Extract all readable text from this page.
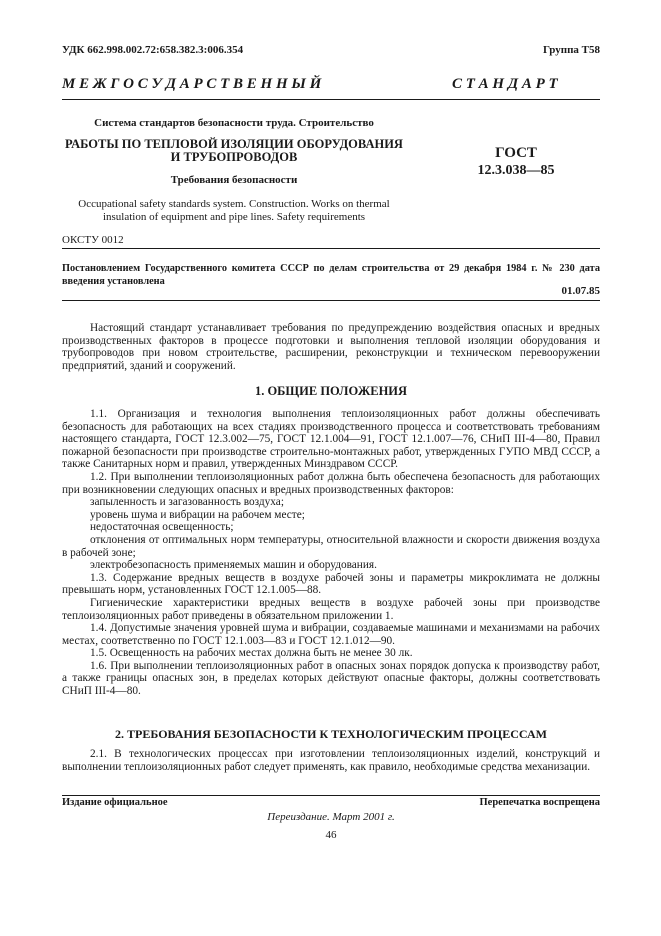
УДК 662.998.002.72:658.382.3:006.354	Группа Т58
М Е Ж Г О С У Д А Р С Т В Е Н Н Ы Й	С Т А Н Д А Р Т
Система стандартов безопасности труда. Строительство
РАБОТЫ ПО ТЕПЛОВОЙ ИЗОЛЯЦИИ ОБОРУДОВАНИЯ
И ТРУБОПРОВОДОВ
Требования безопасности
Occupational safety standards system. Construction. Works on thermal
insulation of equipment and pipe lines. Safety requirements
ГОСТ
12.3.038—85
ОКСТУ 0012
Постановлением Государственного комитета СССР по делам строительства от 29 декабря 1984 г. № 230 дата введения установлена
01.07.85

Настоящий стандарт устанавливает требования по предупреждению воздействия опасных и вредных производственных факторов в процессе подготовки и выполнения тепловой изоляции оборудования и трубопроводов при новом строительстве, расширении, реконструкции и техническом перевооружении предприятий, зданий и сооружений.

1. ОБЩИЕ ПОЛОЖЕНИЯ

1.1. Организация и технология выполнения теплоизоляционных работ должны обеспечивать безопасность для работающих на всех стадиях производственного процесса и соответствовать требованиям настоящего стандарта, ГОСТ 12.3.002—75, ГОСТ 12.1.004—91, ГОСТ 12.1.007—76, СНиП III-4—80, Правил пожарной безопасности при производстве строительно-монтажных работ, утвержденных ГУПО МВД СССР, а также Санитарных норм и правил, утвержденных Минздравом СССР.

1.2. При выполнении теплоизоляционных работ должна быть обеспечена безопасность для работающих при возникновении следующих опасных и вредных производственных факторов:

запыленность и загазованность воздуха;

уровень шума и вибрации на рабочем месте;

недостаточная освещенность;

отклонения от оптимальных норм температуры, относительной влажности и скорости движения воздуха в рабочей зоне;

электробезопасность применяемых машин и оборудования.

1.3. Содержание вредных веществ в воздухе рабочей зоны и параметры микроклимата не должны превышать норм, установленных ГОСТ 12.1.005—88.

Гигиенические характеристики вредных веществ в воздухе рабочей зоны при производстве теплоизоляционных работ приведены в обязательном приложении 1.

1.4. Допустимые значения уровней шума и вибрации, создаваемые машинами и механизмами на рабочих местах, соответственно по ГОСТ 12.1.003—83 и ГОСТ 12.1.012—90.

1.5. Освещенность на рабочих местах должна быть не менее 30 лк.

1.6. При выполнении теплоизоляционных работ в опасных зонах порядок допуска к производству работ, а также границы опасных зон, в пределах которых действуют опасные факторы, должны соответствовать СНиП III-4—80.

2. ТРЕБОВАНИЯ БЕЗОПАСНОСТИ К ТЕХНОЛОГИЧЕСКИМ ПРОЦЕССАМ

2.1. В технологических процессах при изготовлении теплоизоляционных изделий, конструкций и выполнении теплоизоляционных работ следует применять, как правило, необходимые средства механизации.

Издание официальное	Перепечатка воспрещена
Переиздание. Март 2001 г.
46
